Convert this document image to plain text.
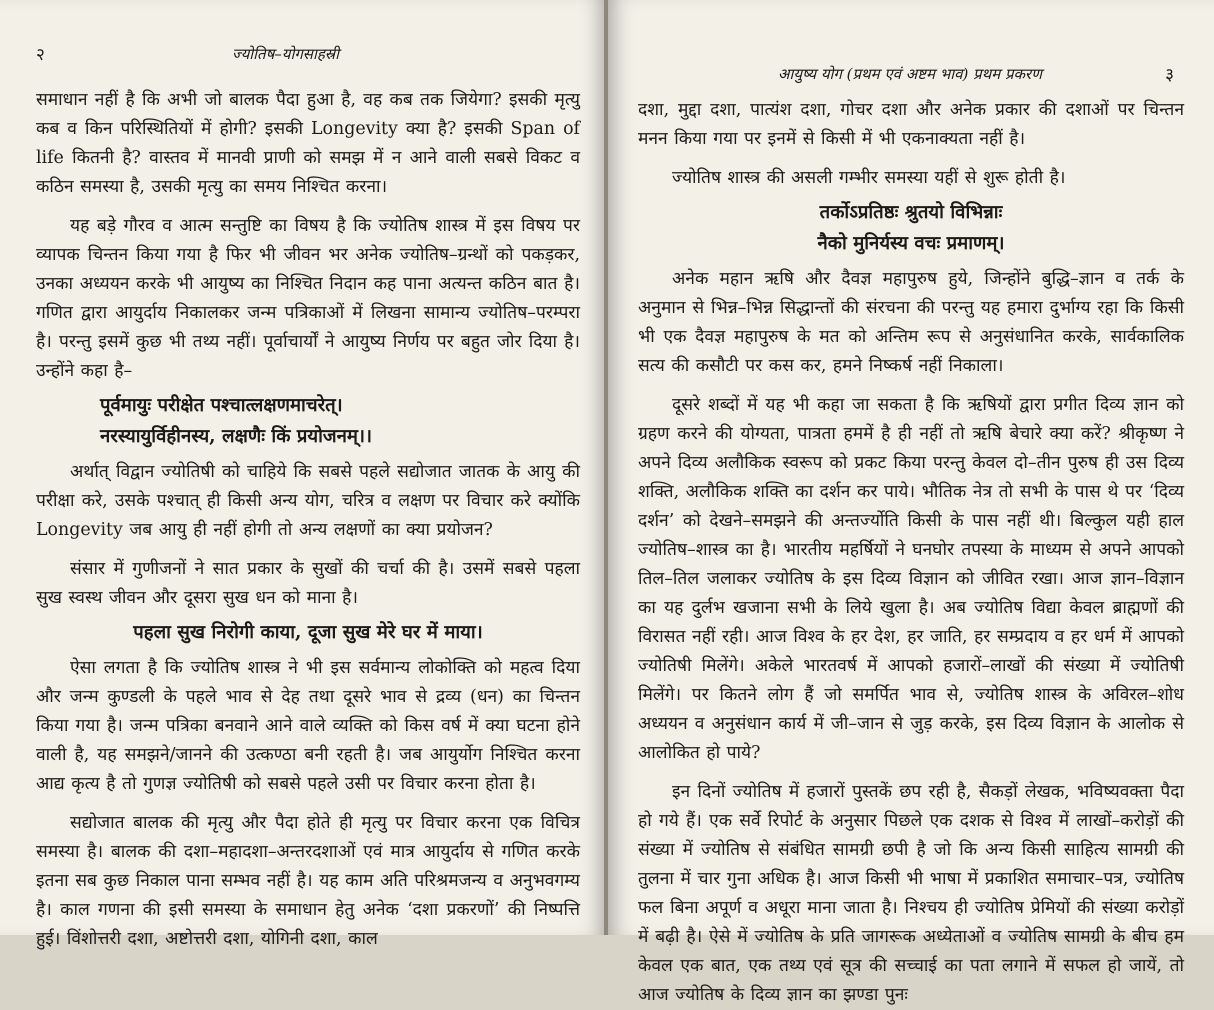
२	ज्योतिष–योगसाहस्री

समाधान नहीं है कि अभी जो बालक पैदा हुआ है, वह कब तक जियेगा? इसकी मृत्यु कब व किन परिस्थितियों में होगी? इसकी Longevity क्या है? इसकी Span of life कितनी है? वास्तव में मानवी प्राणी को समझ में न आने वाली सबसे विकट व कठिन समस्या है, उसकी मृत्यु का समय निश्चित करना।

यह बड़े गौरव व आत्म सन्तुष्टि का विषय है कि ज्योतिष शास्त्र में इस विषय पर व्यापक चिन्तन किया गया है फिर भी जीवन भर अनेक ज्योतिष–ग्रन्थों को पकड़कर, उनका अध्ययन करके भी आयुष्य का निश्चित निदान कह पाना अत्यन्त कठिन बात है। गणित द्वारा आयुर्दाय निकालकर जन्म पत्रिकाओं में लिखना सामान्य ज्योतिष–परम्परा है। परन्तु इसमें कुछ भी तथ्य नहीं। पूर्वाचार्यों ने आयुष्य निर्णय पर बहुत जोर दिया है। उन्होंने कहा है–

पूर्वमायुः परीक्षेत पश्चात्लक्षणमाचरेत्।

नरस्यायुर्विहीनस्य, लक्षणैः किं प्रयोजनम्।।

अर्थात् विद्वान ज्योतिषी को चाहिये कि सबसे पहले सद्योजात जातक के आयु की परीक्षा करे, उसके पश्चात् ही किसी अन्य योग, चरित्र व लक्षण पर विचार करे क्योंकि Longevity जब आयु ही नहीं होगी तो अन्य लक्षणों का क्या प्रयोजन?

संसार में गुणीजनों ने सात प्रकार के सुखों की चर्चा की है। उसमें सबसे पहला सुख स्वस्थ जीवन और दूसरा सुख धन को माना है।

पहला सुख निरोगी काया, दूजा सुख मेरे घर में माया।

ऐसा लगता है कि ज्योतिष शास्त्र ने भी इस सर्वमान्य लोकोक्ति को महत्व दिया और जन्म कुण्डली के पहले भाव से देह तथा दूसरे भाव से द्रव्य (धन) का चिन्तन किया गया है। जन्म पत्रिका बनवाने आने वाले व्यक्ति को किस वर्ष में क्या घटना होने वाली है, यह समझने/जानने की उत्कण्ठा बनी रहती है। जब आयुर्योग निश्चित करना आद्य कृत्य है तो गुणज्ञ ज्योतिषी को सबसे पहले उसी पर विचार करना होता है।

सद्योजात बालक की मृत्यु और पैदा होते ही मृत्यु पर विचार करना एक विचित्र समस्या है। बालक की दशा–महादशा–अन्तरदशाओं एवं मात्र आयुर्दाय से गणित करके इतना सब कुछ निकाल पाना सम्भव नहीं है। यह काम अति परिश्रमजन्य व अनुभवगम्य है। काल गणना की इसी समस्या के समाधान हेतु अनेक ‘दशा प्रकरणों’ की निष्पत्ति हुई। विंशोत्तरी दशा, अष्टोत्तरी दशा, योगिनी दशा, काल

आयुष्य योग (प्रथम एवं अष्टम भाव) प्रथम प्रकरण	३

दशा, मुद्दा दशा, पात्यंश दशा, गोचर दशा और अनेक प्रकार की दशाओं पर चिन्तन मनन किया गया पर इनमें से किसी में भी एकनाक्यता नहीं है।

ज्योतिष शास्त्र की असली गम्भीर समस्या यहीं से शुरू होती है।

तर्कोऽप्रतिष्ठः श्रुतयो विभिन्नाः

नैको मुनिर्यस्य वचः प्रमाणम्।

अनेक महान ऋषि और दैवज्ञ महापुरुष हुये, जिन्होंने बुद्धि–ज्ञान व तर्क के अनुमान से भिन्न–भिन्न सिद्धान्तों की संरचना की परन्तु यह हमारा दुर्भाग्य रहा कि किसी भी एक दैवज्ञ महापुरुष के मत को अन्तिम रूप से अनुसंधानित करके, सार्वकालिक सत्य की कसौटी पर कस कर, हमने निष्कर्ष नहीं निकाला।

दूसरे शब्दों में यह भी कहा जा सकता है कि ऋषियों द्वारा प्रगीत दिव्य ज्ञान को ग्रहण करने की योग्यता, पात्रता हममें है ही नहीं तो ऋषि बेचारे क्या करें? श्रीकृष्ण ने अपने दिव्य अलौकिक स्वरूप को प्रकट किया परन्तु केवल दो–तीन पुरुष ही उस दिव्य शक्ति, अलौकिक शक्ति का दर्शन कर पाये। भौतिक नेत्र तो सभी के पास थे पर ‘दिव्य दर्शन’ को देखने–समझने की अन्तर्ज्योति किसी के पास नहीं थी। बिल्कुल यही हाल ज्योतिष–शास्त्र का है। भारतीय महर्षियों ने घनघोर तपस्या के माध्यम से अपने आपको तिल–तिल जलाकर ज्योतिष के इस दिव्य विज्ञान को जीवित रखा। आज ज्ञान–विज्ञान का यह दुर्लभ खजाना सभी के लिये खुला है। अब ज्योतिष विद्या केवल ब्राह्मणों की विरासत नहीं रही। आज विश्व के हर देश, हर जाति, हर सम्प्रदाय व हर धर्म में आपको ज्योतिषी मिलेंगे। अकेले भारतवर्ष में आपको हजारों–लाखों की संख्या में ज्योतिषी मिलेंगे। पर कितने लोग हैं जो समर्पित भाव से, ज्योतिष शास्त्र के अविरल–शोध अध्ययन व अनुसंधान कार्य में जी–जान से जुड़ करके, इस दिव्य विज्ञान के आलोक से आलोकित हो पाये?

इन दिनों ज्योतिष में हजारों पुस्तकें छप रही है, सैकड़ों लेखक, भविष्यवक्ता पैदा हो गये हैं। एक सर्वे रिपोर्ट के अनुसार पिछले एक दशक से विश्व में लाखों–करोड़ों की संख्या में ज्योतिष से संबंधित सामग्री छपी है जो कि अन्य किसी साहित्य सामग्री की तुलना में चार गुना अधिक है। आज किसी भी भाषा में प्रकाशित समाचार–पत्र, ज्योतिष फल बिना अपूर्ण व अधूरा माना जाता है। निश्चय ही ज्योतिष प्रेमियों की संख्या करोड़ों में बढ़ी है। ऐसे में ज्योतिष के प्रति जागरूक अध्येताओं व ज्योतिष सामग्री के बीच हम केवल एक बात, एक तथ्य एवं सूत्र की सच्चाई का पता लगाने में सफल हो जायें, तो आज ज्योतिष के दिव्य ज्ञान का झण्डा पुनः
